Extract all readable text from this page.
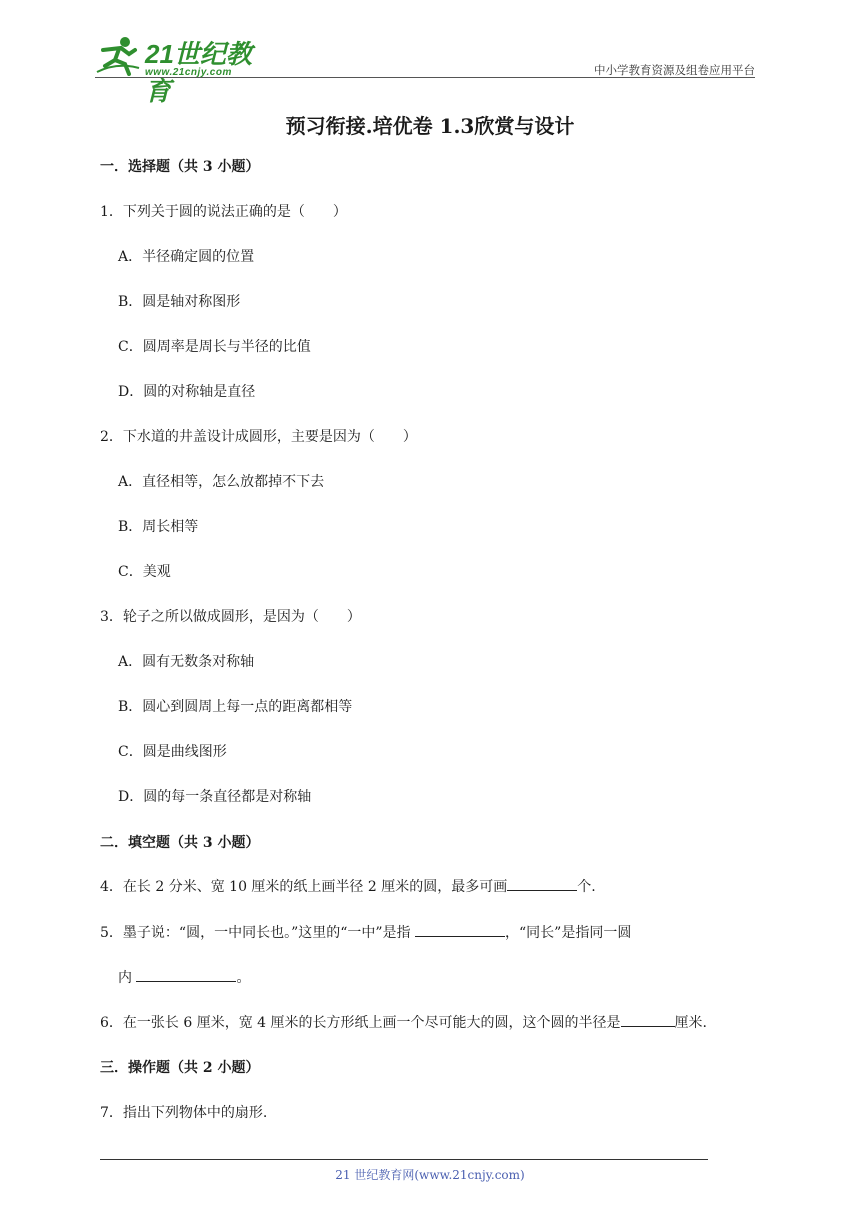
21世纪教育
www.21cnjy.com	中小学教育资源及组卷应用平台
预习衔接.培优卷 1.3欣赏与设计
一．选择题（共 3 小题）
1．下列关于圆的说法正确的是（　　）
A．半径确定圆的位置
B．圆是轴对称图形
C．圆周率是周长与半径的比值
D．圆的对称轴是直径
2．下水道的井盖设计成圆形，主要是因为（　　）
A．直径相等，怎么放都掉不下去
B．周长相等
C．美观
3．轮子之所以做成圆形，是因为（　　）
A．圆有无数条对称轴
B．圆心到圆周上每一点的距离都相等
C．圆是曲线图形
D．圆的每一条直径都是对称轴
二．填空题（共 3 小题）
4．在长 2 分米、宽 10 厘米的纸上画半径 2 厘米的圆，最多可画	个.
5．墨子说：“圆，一中同长也。”这里的“一中”是指	，“同长”是指同一圆
内	。
6．在一张长 6 厘米，宽 4 厘米的长方形纸上画一个尽可能大的圆，这个圆的半径是	厘米.
三．操作题（共 2 小题）
7．指出下列物体中的扇形.
21 世纪教育网(www.21cnjy.com)
